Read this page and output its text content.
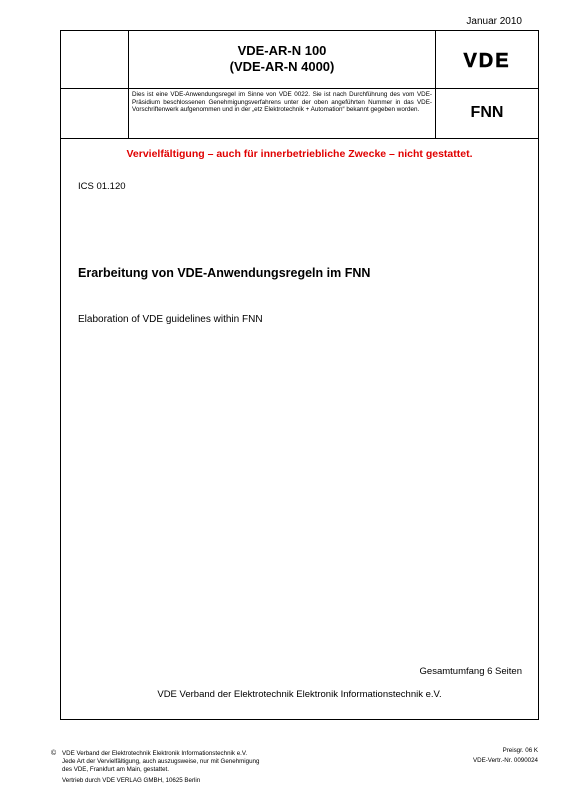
Januar 2010
VDE-AR-N 100
(VDE-AR-N 4000)	VDE
Dies ist eine VDE-Anwendungsregel im Sinne von VDE 0022. Sie ist nach Durchführung des vom VDE-Präsidium beschlossenen Genehmigungsverfahrens unter der oben angeführten Nummer in das VDE-Vorschriftenwerk aufgenommen und in der „etz Elektrotechnik + Automation“ bekannt gegeben worden.	FNN
Vervielfältigung – auch für innerbetriebliche Zwecke – nicht gestattet.
ICS 01.120
Erarbeitung von VDE-Anwendungsregeln im FNN
Elaboration of VDE guidelines within FNN
Gesamtumfang 6 Seiten
VDE Verband der Elektrotechnik Elektronik Informationstechnik e.V.
© VDE Verband der Elektrotechnik Elektronik Informationstechnik e.V.
Jede Art der Vervielfältigung, auch auszugsweise, nur mit Genehmigung
des VDE, Frankfurt am Main, gestattet.
Vertrieb durch VDE VERLAG GMBH, 10625 Berlin
Preisgr. 06 K
VDE-Vertr.-Nr. 0090024
